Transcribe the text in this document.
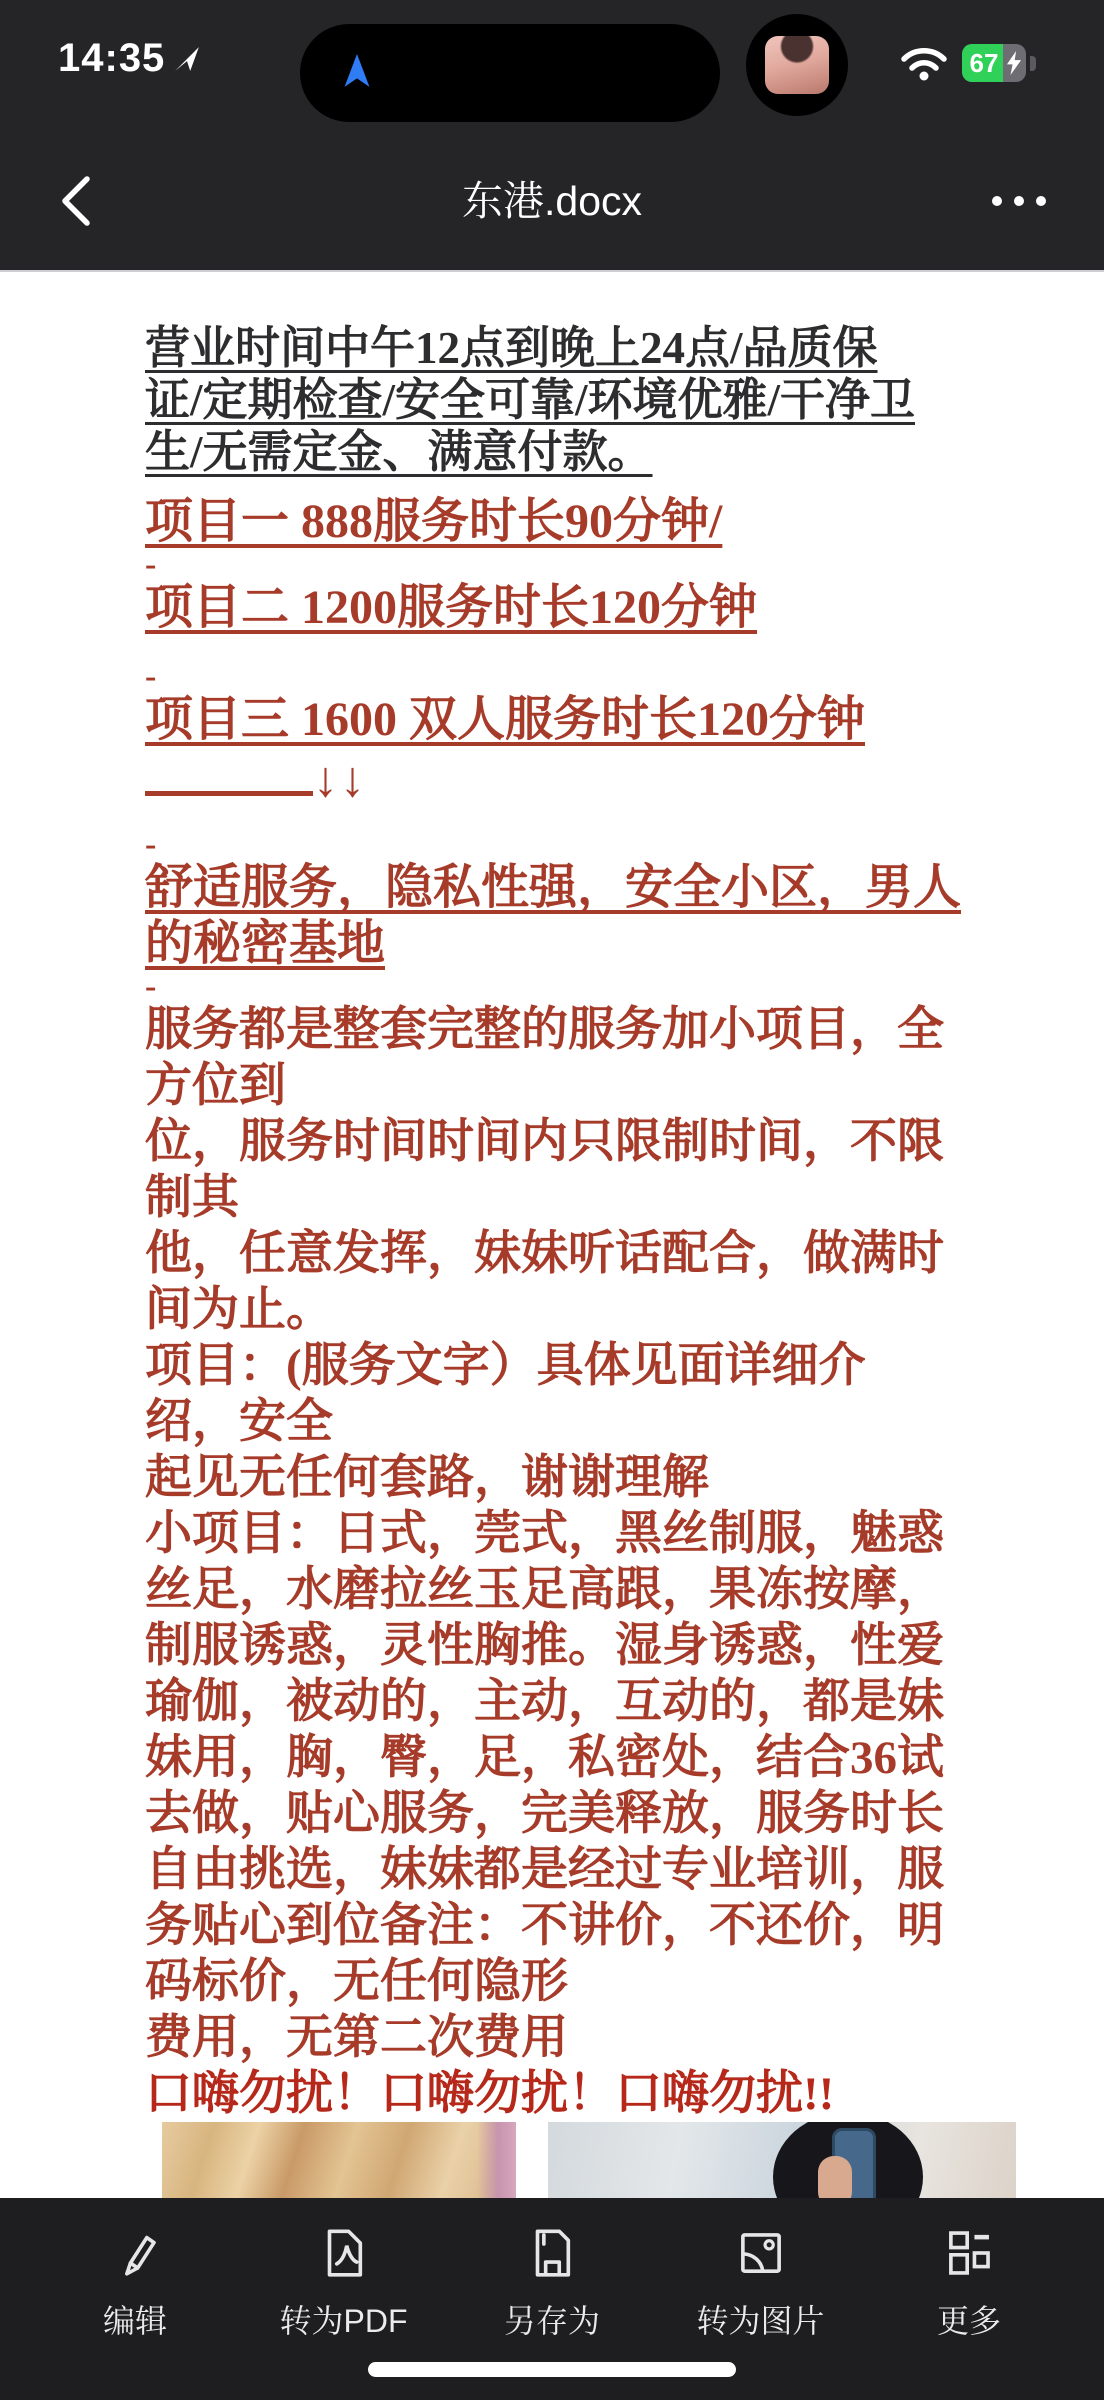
14:35	67
东港.docx
营业时间中午12点到晚上24点/品质保
证/定期检查/安全可靠/环境优雅/干净卫
生/无需定金、满意付款。
项目一 888服务时长90分钟/
-
项目二 1200服务时长120分钟
-
项目三 1600 双人服务时长120分钟
↓↓
-
舒适服务，隐私性强，安全小区，男人
的秘密基地
-
服务都是整套完整的服务加小项目，全
方位到
位，服务时间时间内只限制时间，不限
制其
他，任意发挥，妹妹听话配合，做满时
间为止。
项目：(服务文字）具体见面详细介
绍，安全
起见无任何套路，谢谢理解
小项目：日式，莞式，黑丝制服，魅惑
丝足，水磨拉丝玉足高跟，果冻按摩，
制服诱惑，灵性胸推。湿身诱惑，性爱
瑜伽，被动的，主动，互动的，都是妹
妹用，胸，臀，足，私密处，结合36试
去做，贴心服务，完美释放，服务时长
自由挑选，妹妹都是经过专业培训，服
务贴心到位备注：不讲价，不还价，明
码标价，无任何隐形
费用，无第二次费用
口嗨勿扰！口嗨勿扰！口嗨勿扰!!
编辑	转为PDF	另存为	转为图片	更多
